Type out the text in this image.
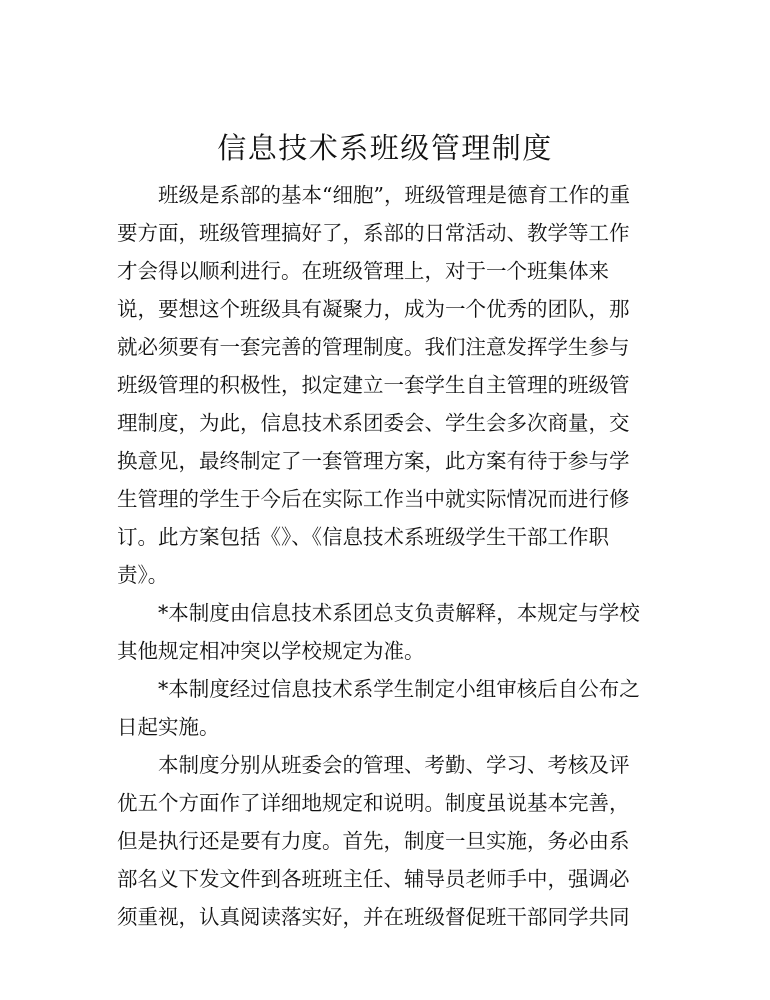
信息技术系班级管理制度
班级是系部的基本“细胞”，班级管理是德育工作的重
要方面，班级管理搞好了，系部的日常活动、教学等工作
才会得以顺利进行。在班级管理上，对于一个班集体来
说，要想这个班级具有凝聚力，成为一个优秀的团队，那
就必须要有一套完善的管理制度。我们注意发挥学生参与
班级管理的积极性，拟定建立一套学生自主管理的班级管
理制度，为此，信息技术系团委会、学生会多次商量，交
换意见，最终制定了一套管理方案，此方案有待于参与学
生管理的学生于今后在实际工作当中就实际情况而进行修
订。此方案包括《》、《信息技术系班级学生干部工作职
责》。
*本制度由信息技术系团总支负责解释，本规定与学校
其他规定相冲突以学校规定为准。
*本制度经过信息技术系学生制定小组审核后自公布之
日起实施。
本制度分别从班委会的管理、考勤、学习、考核及评
优五个方面作了详细地规定和说明。制度虽说基本完善，
但是执行还是要有力度。首先，制度一旦实施，务必由系
部名义下发文件到各班班主任、辅导员老师手中，强调必
须重视，认真阅读落实好，并在班级督促班干部同学共同
